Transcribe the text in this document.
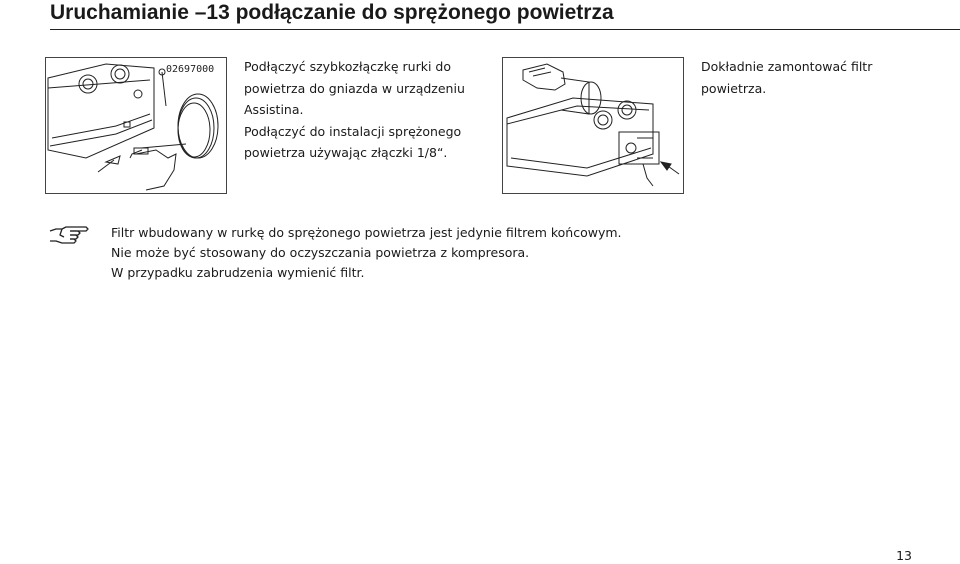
Uruchamianie –13 podłączanie do sprężonego powietrza
02697000 Podłączyć szybkozłączkę rurki do

powietrza do gniazda w urządzeniu

Assistina.

Podłączyć do instalacji sprężonego

powietrza używając złączki 1/8“.

Dokładnie zamontować filtr

powietrza.

Filtr wbudowany w rurkę do sprężonego powietrza jest jedynie filtrem końcowym.

Nie może być stosowany do oczyszczania powietrza z kompresora.

W przypadku zabrudzenia wymienić filtr.

13
